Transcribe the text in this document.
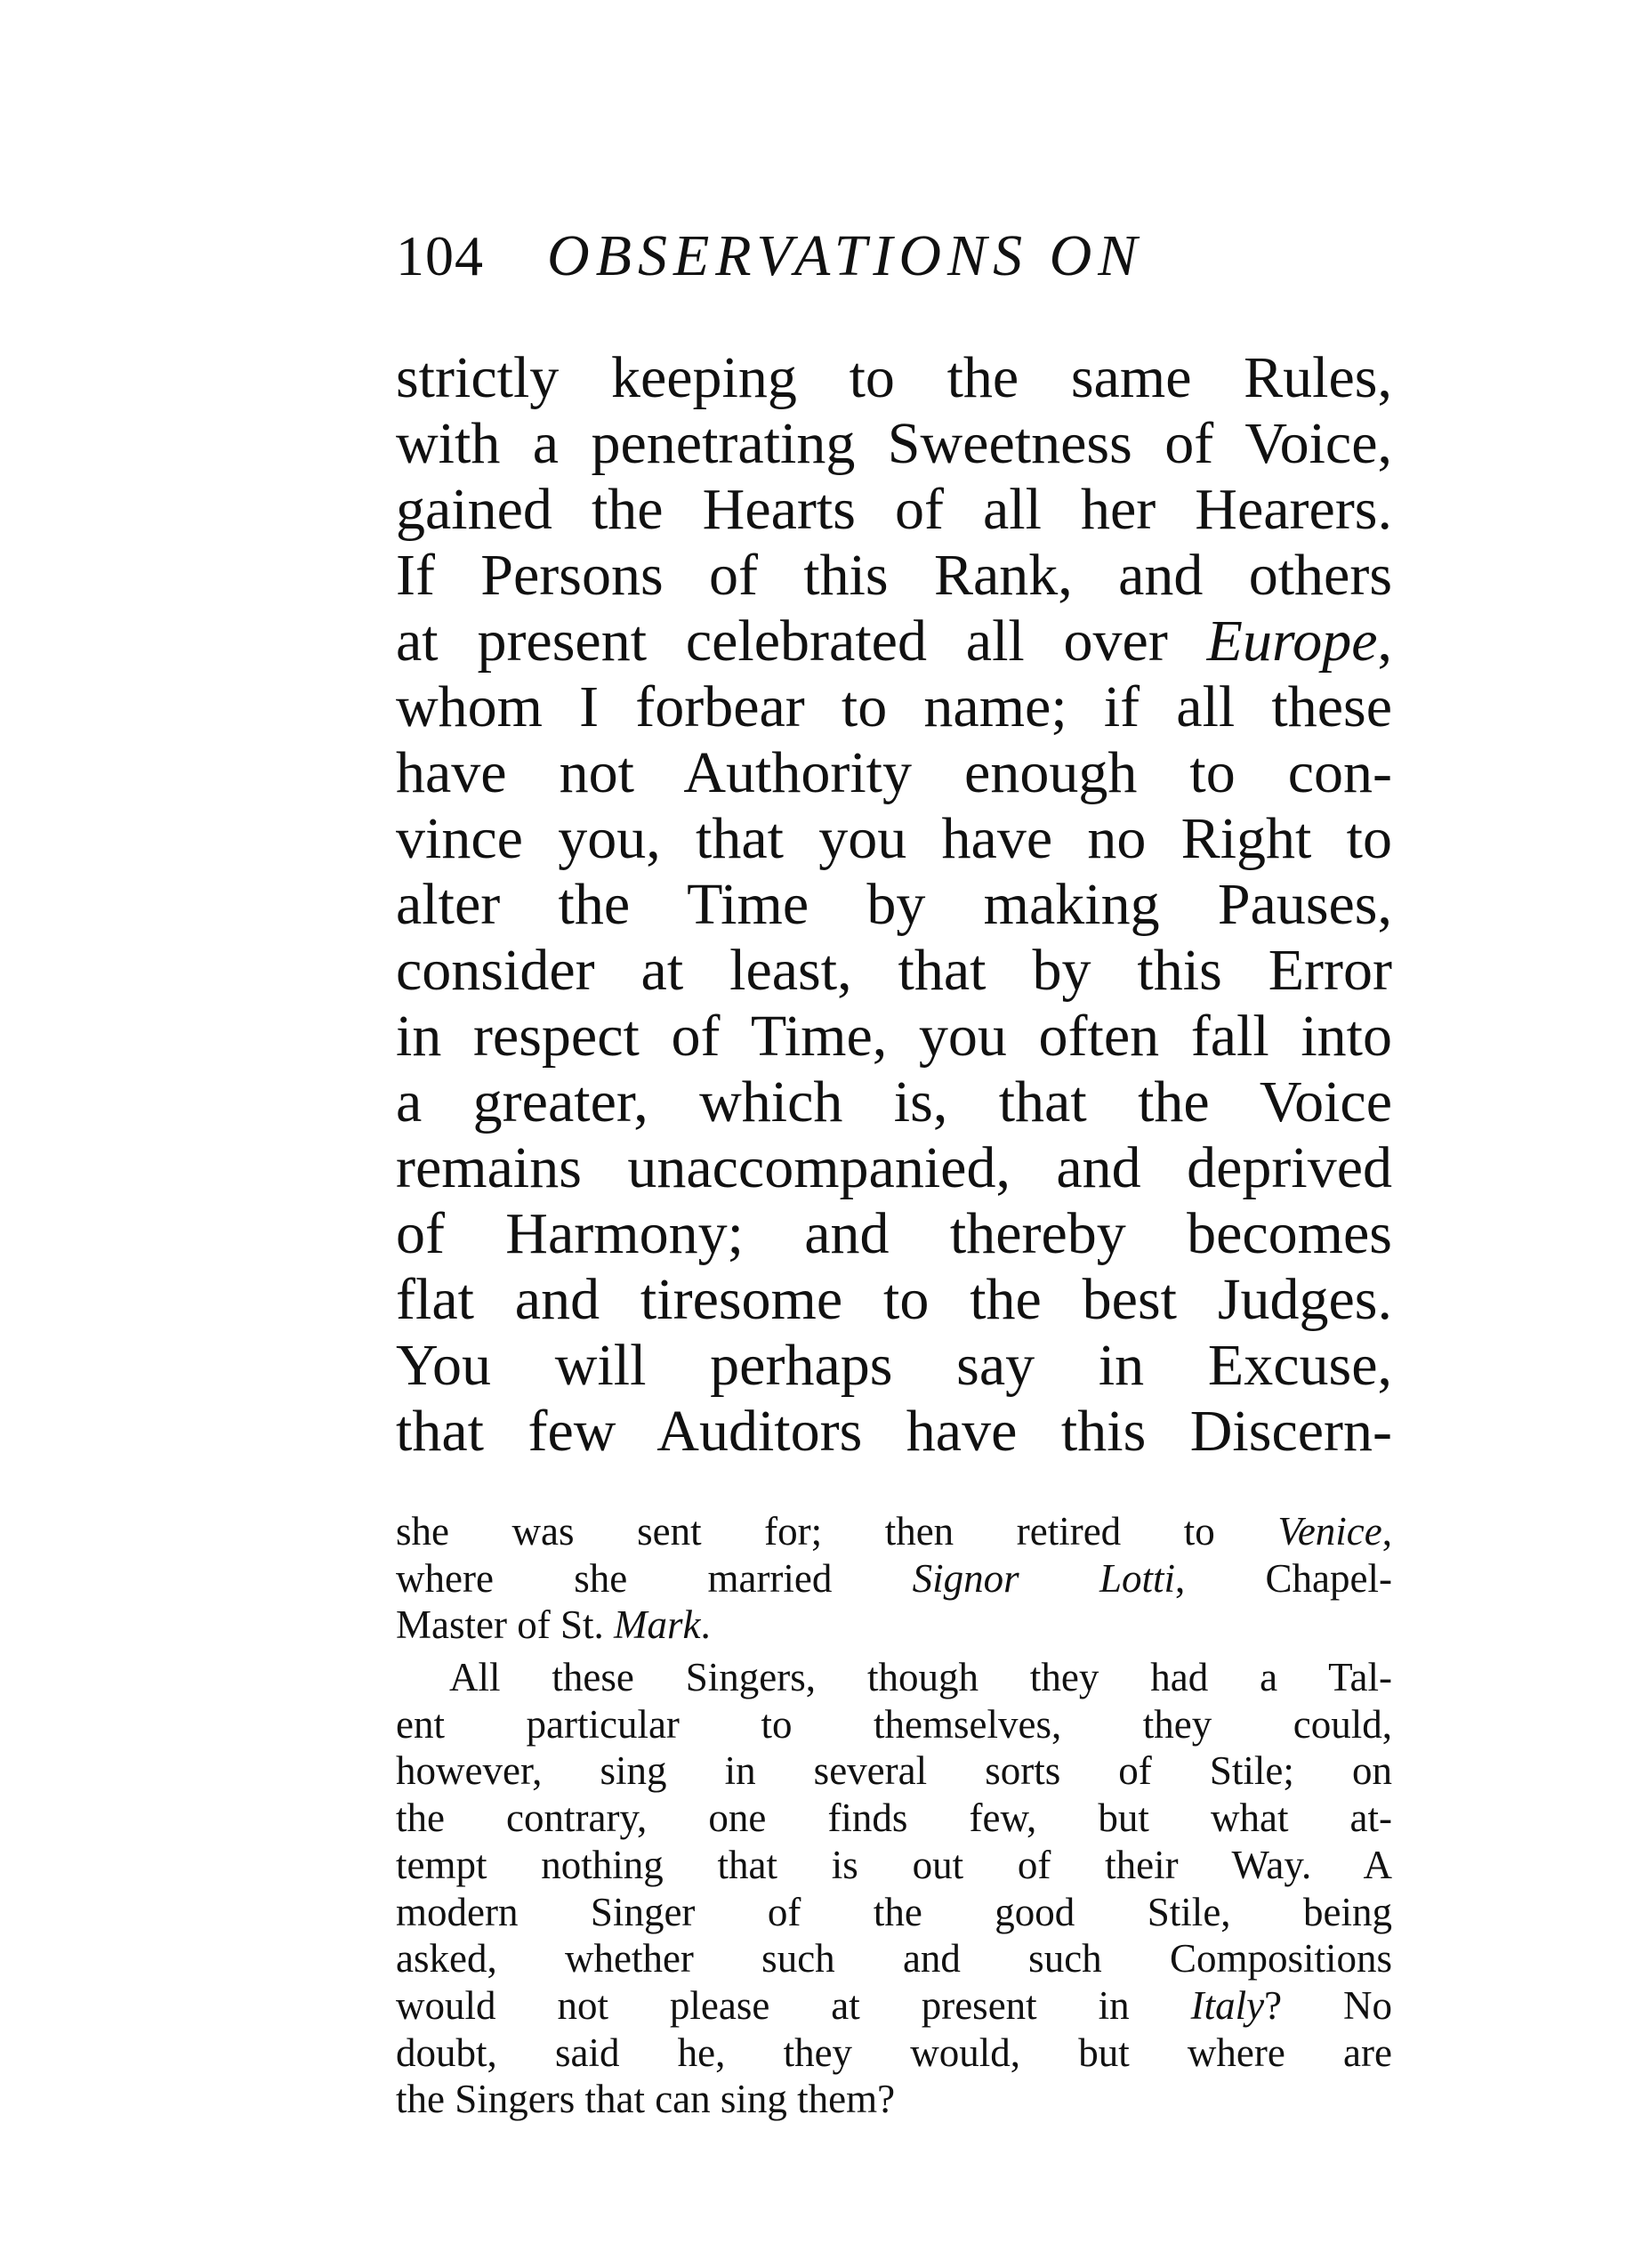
104 OBSERVATIONS ON
strictly keeping to the same Rules,
with a penetrating Sweetness of Voice,
gained the Hearts of all her Hearers.
If Persons of this Rank, and others
at present celebrated all over Europe,
whom I forbear to name; if all these
have not Authority enough to con-
vince you, that you have no Right to
alter the Time by making Pauses,
consider at least, that by this Error
in respect of Time, you often fall into
a greater, which is, that the Voice
remains unaccompanied, and deprived
of Harmony; and thereby becomes
flat and tiresome to the best Judges.
You will perhaps say in Excuse,
that few Auditors have this Discern-
she was sent for; then retired to Venice,
where she married Signor Lotti, Chapel-
Master of St. Mark.
All these Singers, though they had a Tal-
ent particular to themselves, they could,
however, sing in several sorts of Stile; on
the contrary, one finds few, but what at-
tempt nothing that is out of their Way. A
modern Singer of the good Stile, being
asked, whether such and such Compositions
would not please at present in Italy? No
doubt, said he, they would, but where are
the Singers that can sing them?
